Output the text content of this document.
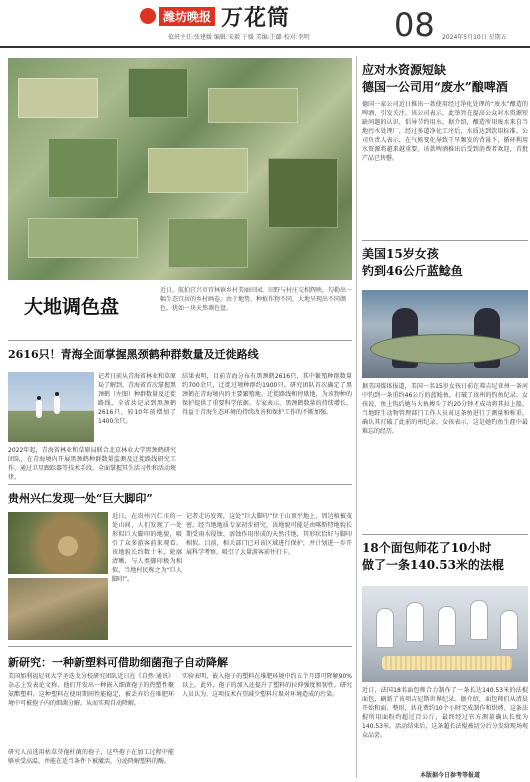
潍坊晚报 万花筒
值班主任:张建媛 编辑:宋毅 于媛 美编:王璐 校对:李明	08 2024年5月10日 星期五
大地调色盘
近日，航拍宜兴市官林镇乡村美丽田园，田野与村庄交相辉映，勾勒出一幅生态宜居的乡村画卷。由于地势、种植作物不同，大地呈现出不同颜色，犹如一块天然调色盘。
2616只！青海全面掌握黑颈鹤种群数量及迁徙路线
记者日前从青海省林业和草原局了解到，青海省首次掌握黑颈鹤（左图）种群数量及迁徙路线，全省共记录到黑颈鹤2616只，较10年前增加了1400余只。
2022年起，青海省林业和草原局联合北京林业大学黑颈鹤研究团队，在青海境内开展黑颈鹤种群数量监测及迁徙路线研究工作，通过卫星跟踪器等技术手段，全面掌握其生活习性和活动规律。
结果表明，目前青海分布有黑颈鹤2616只，其中繁殖种群数量约700余只，迁徙过境种群约1900只。研究团队首次确定了黑颈鹤在青海境内的主要繁殖地、迁徙路线和停歇地，为该物种的保护提供了重要科学依据。专家表示，黑颈鹤数量的持续增长，得益于青海生态环境的持续改善和保护工作的不断加强。
贵州兴仁发现一处“巨大脚印”
近日，在贵州兴仁市的一处山间，人们发现了一处形似巨大脚印的地貌，吸引了众多游客前来观看。该地貌长约数十米，轮廓清晰，与人类脚印极为相似，当地村民称之为“巨人脚印”。
记者走访发现，这处“巨大脚印”位于山顶平地上，周边植被茂密。经当地地质专家初步研究，该地貌可能是由喀斯特地貌长期受雨水侵蚀、溶蚀作用形成的天然洼地，其形状恰好与脚印相似。目前，相关部门已对该区域进行保护，并计划进一步开展科学考察，吸引了大量游客前往打卡。
新研究：一种新塑料可借助细菌孢子自动降解
美国加利福尼亚大学圣迭戈分校研究团队近日在《自然·通讯》杂志上发表论文称，他们开发出一种嵌入细菌孢子的热塑性聚氨酯塑料，这种塑料在使用期间性能稳定，被丢弃后在堆肥环境中可被孢子内的细菌分解，从而实现自动降解。
研究人员选用枯草芽孢杆菌的孢子，这些孢子在加工过程中能够承受高温，并能在适当条件下被激活，分泌降解塑料的酶。
实验表明，嵌入孢子的塑料在堆肥环境中约五个月即可降解90%以上。此外，孢子的加入还提升了塑料的拉伸强度和韧性。研究人员认为，这项技术有望减少塑料垃圾对环境造成的污染。
应对水资源短缺
德国一公司用“废水”酿啤酒
德国一家公司近日推出一款使用经过净化处理的“废水”酿造的啤酒，引发关注。该公司表示，此举旨在提高公众对水资源短缺问题的认识，倡导节约用水。据介绍，酿造所用废水来自当地污水处理厂，经过多道净化工序后，水质达到饮用标准。公司负责人表示，在气候变化导致干旱频发的背景下，循环利用水资源将越来越重要。该款啤酒推出后受到消费者欢迎，首批产品已售罄。
美国15岁女孩
钓到46公斤蓝鲶鱼
据美国媒体报道，美国一名15岁女孩日前在弗吉尼亚州一条河中钓到一条重约46公斤的蓝鲶鱼，打破了该州的钓鱼纪录。女孩说，鱼上钩后她与大鱼搏斗了约20分钟才成功将其拉上船。当地野生动物管理部门工作人员对这条鱼进行了测量和称重，确认其打破了此前的州纪录。女孩表示，这是她钓鱼生涯中最难忘的经历。
18个面包师花了10小时
做了一条140.53米的法棍
近日，法国18名面包师合力制作了一条长达140.53米的法棍面包，刷新了该项吉尼斯世界纪录。据介绍，面包师们从清晨开始和面、整形，共花费约10个小时完成制作和烘烤。这条法棍所用面粉约超过百公斤，最终经过官方测量确认长度为140.53米。活动结束后，这条超长法棍被切分后分发给现场观众品尝。
本版据今日参考等报道
